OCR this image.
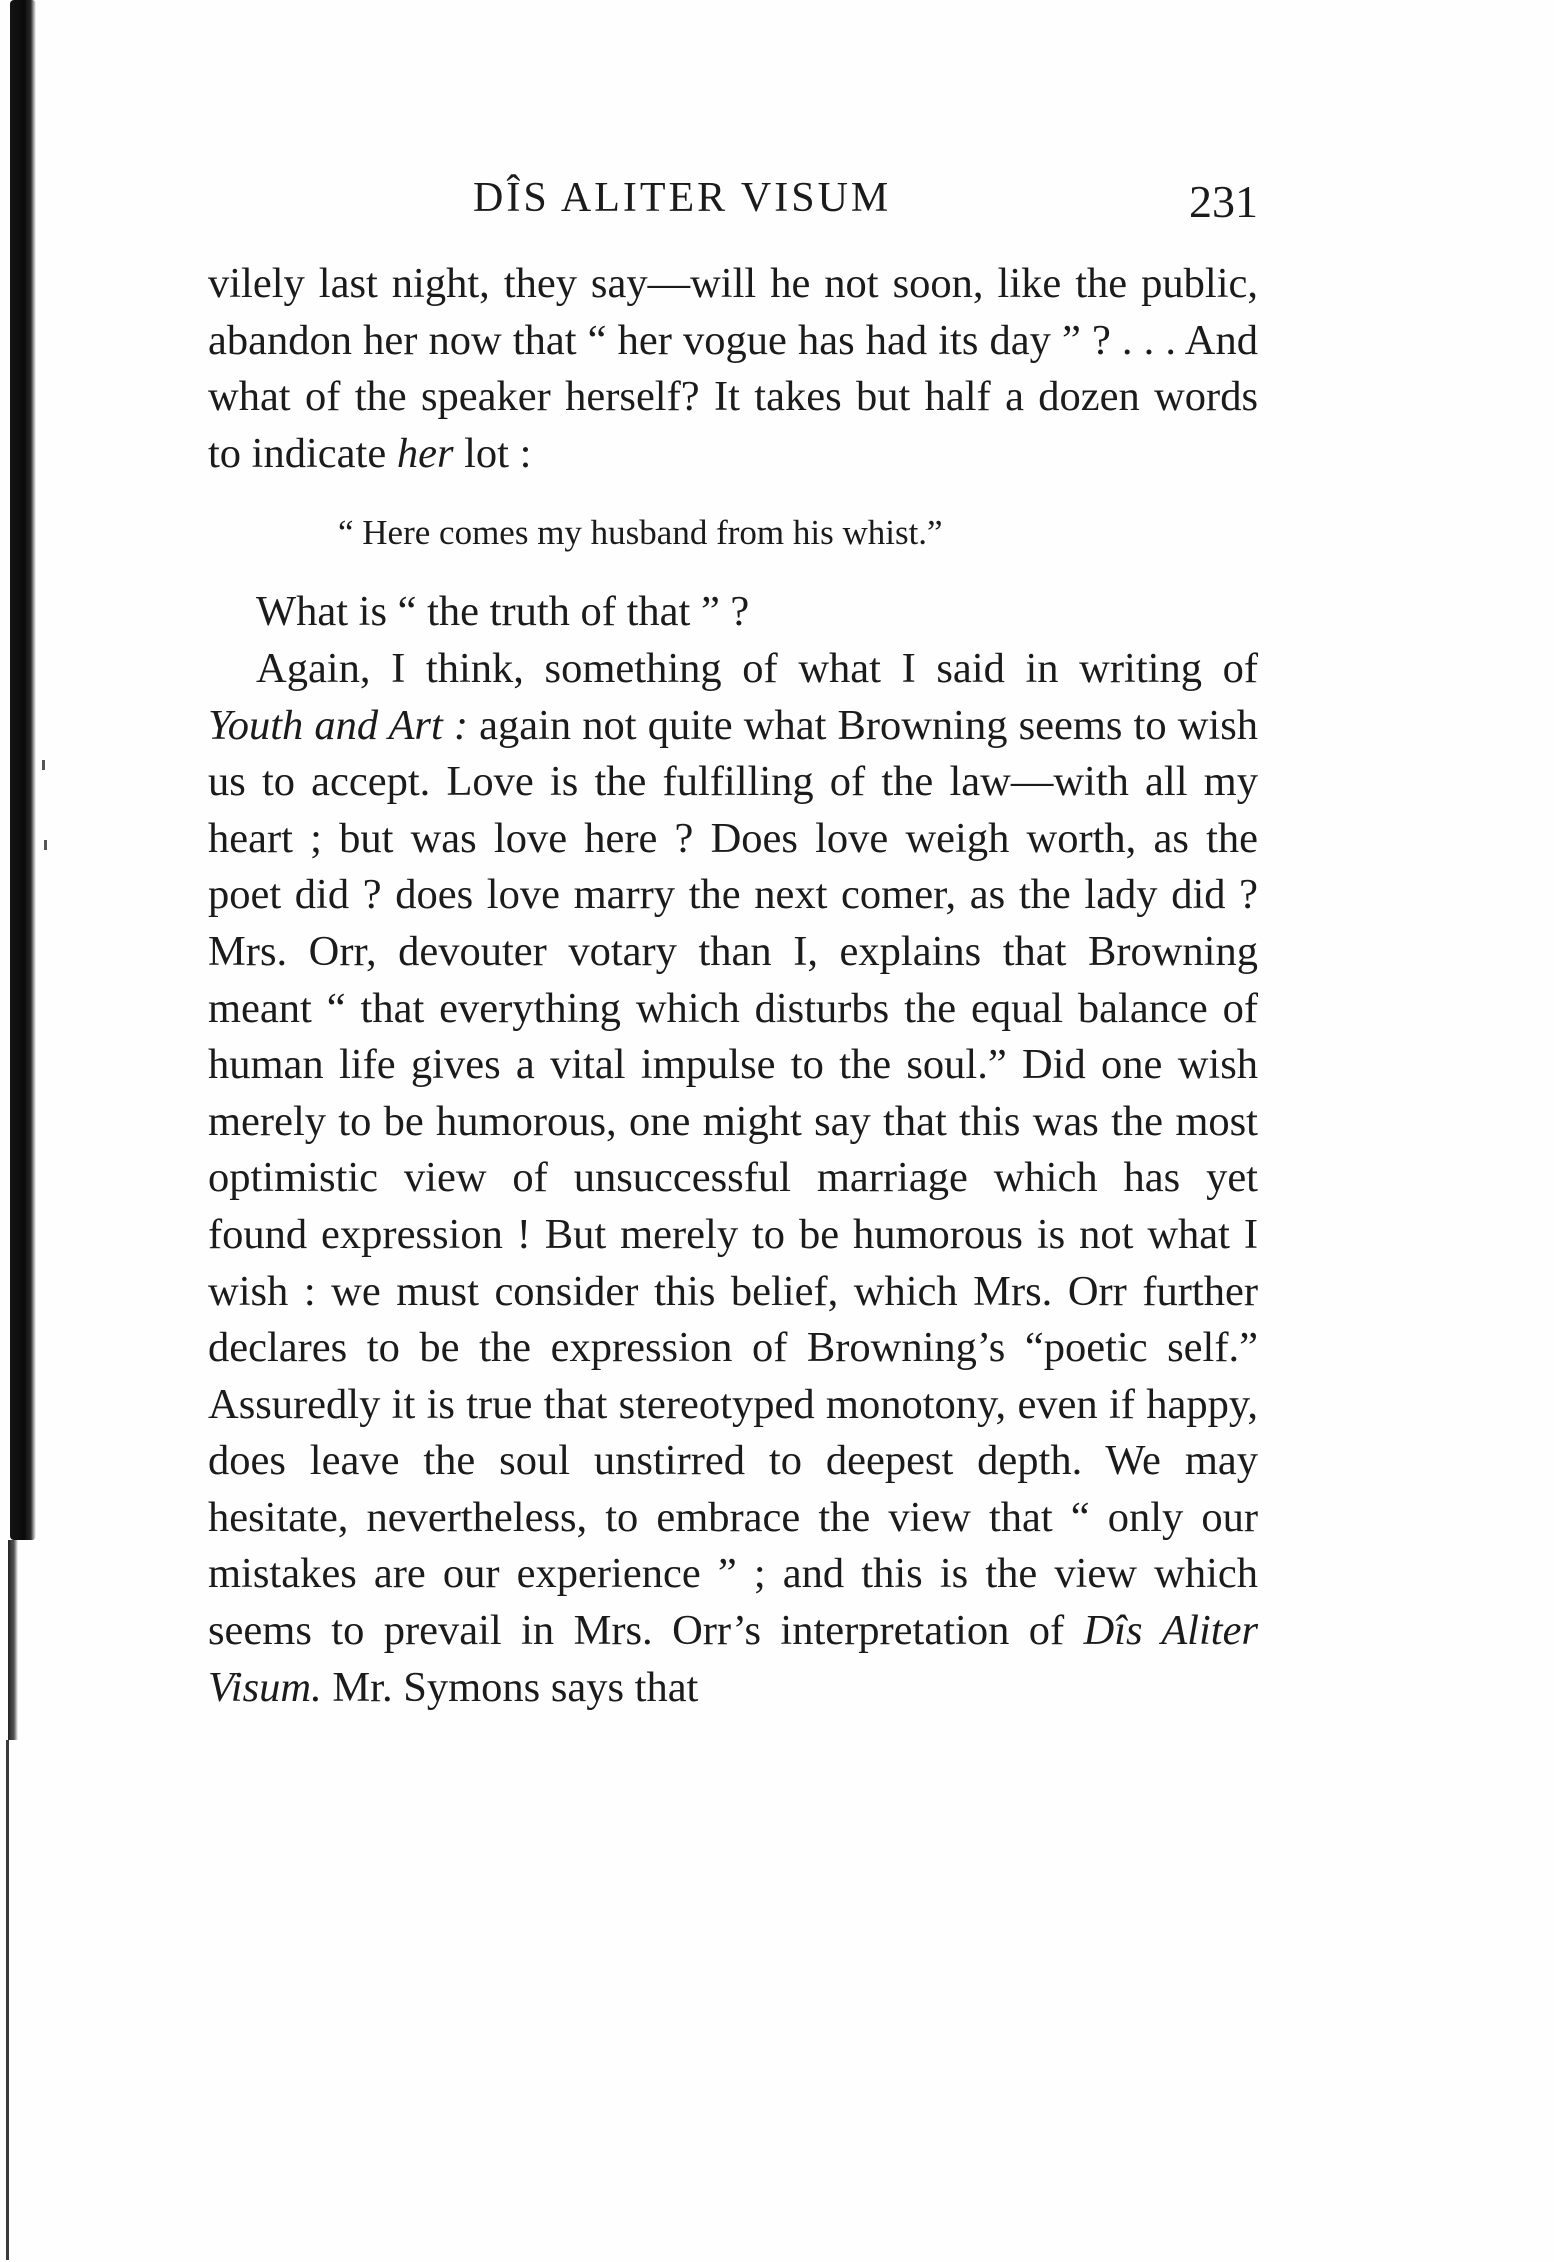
DÎS ALITER VISUM	231

vilely last night, they say—will he not soon, like the public, abandon her now that “ her vogue has had its day ” ? . . . And what of the speaker herself? It takes but half a dozen words to indicate her lot :

“ Here comes my husband from his whist.”

What is “ the truth of that ” ?

Again, I think, something of what I said in writing of Youth and Art : again not quite what Browning seems to wish us to accept. Love is the fulfilling of the law—with all my heart ; but was love here ? Does love weigh worth, as the poet did ? does love marry the next comer, as the lady did ? Mrs. Orr, devouter votary than I, explains that Browning meant “ that everything which disturbs the equal balance of human life gives a vital impulse to the soul.” Did one wish merely to be humorous, one might say that this was the most optimistic view of unsuccessful marriage which has yet found expression ! But merely to be humorous is not what I wish : we must consider this belief, which Mrs. Orr further declares to be the expression of Browning’s “poetic self.” Assuredly it is true that stereotyped monotony, even if happy, does leave the soul unstirred to deepest depth. We may hesitate, nevertheless, to embrace the view that “ only our mistakes are our experience ” ; and this is the view which seems to prevail in Mrs. Orr’s interpretation of Dîs Aliter Visum. Mr. Symons says that
